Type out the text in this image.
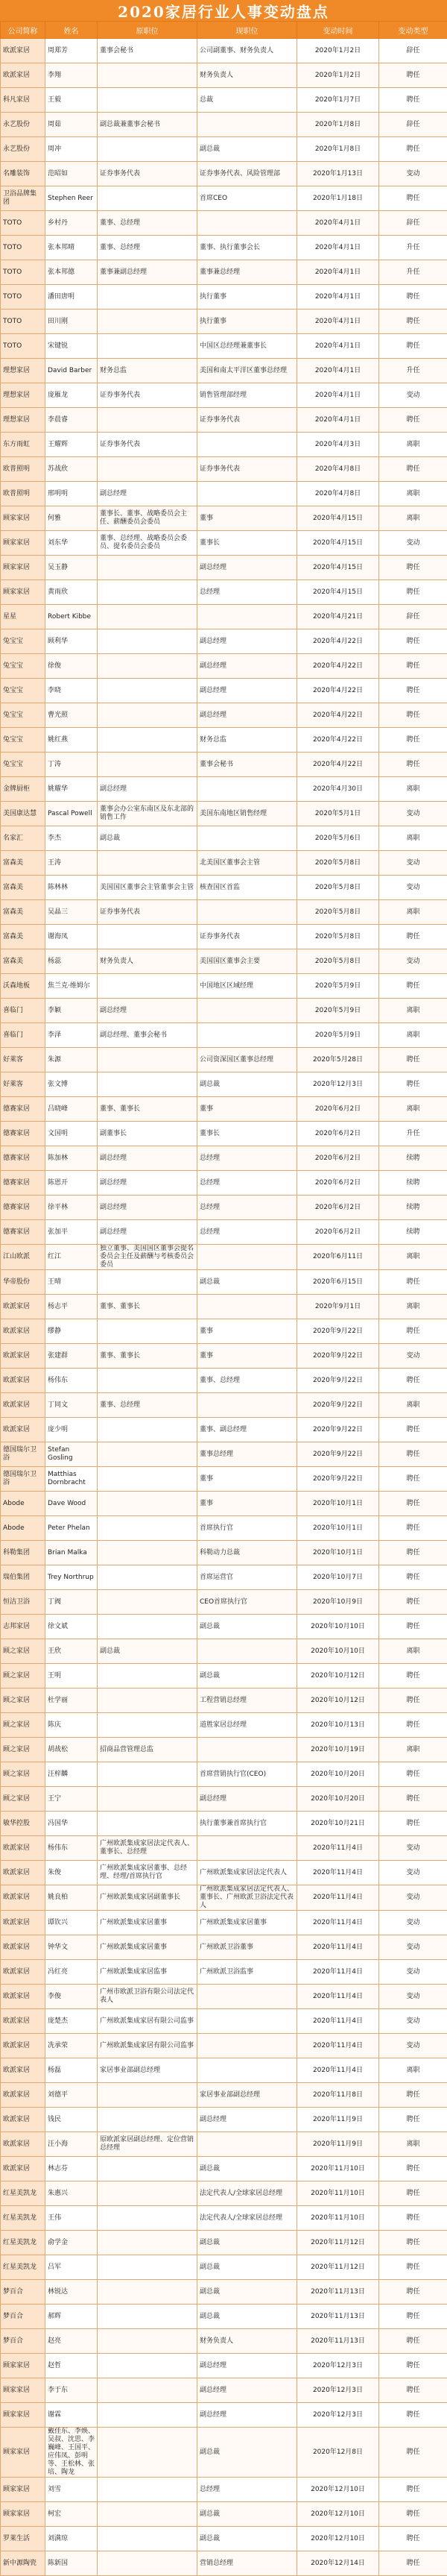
2020家居行业人事变动盘点
公司简称	姓名	原职位	现职位	变动时间	变动类型
欧派家居	周郑芳	董事会秘书	公司副董事、财务负责人	2020年1月2日	辞任
欧派家居	李翔		财务负责人	2020年1月2日	聘任
科凡家居	王毅		总裁	2020年1月7日	聘任
永艺股份	周茹	副总裁兼董事会秘书		2020年1月8日	辞任
永艺股份	周冲		副总裁	2020年1月8日	聘任
名雕装饰	范昭如	证券事务代表	证券事务代表、风险管理部	2020年1月13日	变动
卫浴品牌集团	Stephen Reer		首席CEO	2020年1月18日	聘任
TOTO	乡村丹	董事、总经理		2020年4月1日	辞任
TOTO	张本邦晴	董事、总经理	董事、执行董事会长	2020年4月1日	升任
TOTO	张本邦德	董事兼副总经理	董事兼总经理	2020年4月1日	升任
TOTO	潘田唐明		执行董事	2020年4月1日	聘任
TOTO	田川刚		执行董事	2020年4月1日	聘任
TOTO	宋键锐		中国区总经理兼董事长	2020年4月1日	聘任
理想家居	David Barber	财务总监	美国和南太平洋区董事总经理	2020年4月1日	升任
理想家居	庞雁龙	证券事务代表	销售管理部经理	2020年4月1日	变动
理想家居	李晨睿		证券事务代表	2020年4月1日	聘任
东方雨虹	王耀辉	证券事务代表		2020年4月3日	离职
欧普照明	苏战欣		证券事务代表	2020年4月8日	聘任
欧普照明	邢明明	副总经理		2020年4月8日	离职
顾家家居	何雅	董事长、董事、战略委员会主任、薪酬委员会委员	董事	2020年4月15日	离职
顾家家居	刘东华	董事、总经理、战略委员会委员、提名委员会委员	董事长	2020年4月15日	变动
顾家家居	吴玉静		副总经理	2020年4月15日	聘任
顾家家居	黄雨欣		总经理	2020年4月15日	聘任
星星	Robert Kibbe			2020年4月21日	辞任
兔宝宝	顾利华		副总经理	2020年4月22日	聘任
兔宝宝	徐俊		副总经理	2020年4月22日	聘任
兔宝宝	李晓		副总经理	2020年4月22日	聘任
兔宝宝	曹光照		副总经理	2020年4月22日	聘任
兔宝宝	姚红燕		财务总监	2020年4月22日	聘任
兔宝宝	丁涛		董事会秘书	2020年4月22日	聘任
金牌厨柜	姚耀华	副总经理		2020年4月30日	离职
美国康达慧	Pascal Powell	董事会办公室东南区及东北部的销售工作	美国东南地区销售经理	2020年5月1日	变动
名家汇	李杰	副总裁		2020年5月6日	离职
富森美	王涛		北美国区董事会主管	2020年5月8日	变动
富森美	陈林林	美国国区董事会主管董事会主管	核查国区首监	2020年5月8日	变动
富森美	吴晶三	证券事务代表		2020年5月8日	离职
富森美	谢海凤		证券事务代表	2020年5月8日	聘任
富森美	杨蕊	财务负责人	美国国区董事会主要	2020年5月8日	变动
沃森地板	焦兰克·维姆尔		中国地区区域经理	2020年5月9日	聘任
喜临门	李颖	副总经理		2020年5月9日	离职
喜临门	李泽	副总经理、董事会秘书		2020年5月9日	离职
好莱客	朱源		公司资深国区董事总经理	2020年5月28日	聘任
好莱客	张文博		副总裁	2020年12月3日	聘任
德赛家居	吕晓峰	董事、董事长	董事	2020年6月2日	离职
德赛家居	文国明	副董事长	董事长	2020年6月2日	升任
德赛家居	陈加林	副总经理	总经理	2020年6月2日	续聘
德赛家居	陈恩开	副总经理	总经理	2020年6月2日	续聘
德赛家居	徐平林	副总经理	总经理	2020年6月2日	续聘
德赛家居	张加平	副总经理	总经理	2020年6月2日	续聘
江山欧派	红江	独立董事、美国国区董事会提名委员会主任及薪酬与考核委员会委员		2020年6月11日	离职
华帝股份	王晴		副总裁	2020年6月15日	聘任
欧派家居	杨志平	董事、董事长		2020年9月1日	离职
欧派家居	缪静		董事	2020年9月22日	聘任
欧派家居	张建群	董事、董事长	董事	2020年9月22日	变动
欧派家居	杨伟东		董事、总经理	2020年9月22日	聘任
欧派家居	丁同文	董事、总经理		2020年9月22日	离职
欧派家居	庞少明		董事、副总经理	2020年9月22日	聘任
德国瑞尔卫浴	Stefan Gosling		董事总经理	2020年9月22日	聘任
德国瑞尔卫浴	Matthias Dornbracht		董事	2020年9月22日	聘任
Abode	Dave Wood		董事	2020年10月1日	聘任
Abode	Peter Phelan		首席执行官	2020年10月1日	聘任
科勒集团	Brian Malka		科勒动力总裁	2020年10月1日	聘任
瑞伯集团	Trey Northrup		首席运营官	2020年10月7日	聘任
恒洁卫浴	丁阀		CEO首席执行官	2020年10月9日	聘任
志邦家居	徐文斌		副总裁	2020年10月10日	聘任
顾之家居	王欣	副总裁		2020年10月10日	离职
顾之家居	王明		副总裁	2020年10月12日	聘任
顾之家居	杜学丽		工程营销总经理	2020年10月12日	聘任
顾之家居	陈庆		道胜家居总经理	2020年10月13日	聘任
顾之家居	胡战松	招商品营管理总监		2020年10月19日	离职
顾之家居	汪梓麟		首席营销执行官(CEO)	2020年10月20日	聘任
顾之家居	王宁		副总经理	2020年10月20日	聘任
敏华控股	冯国华		执行董事兼首席执行官	2020年10月21日	聘任
欧派家居	杨伟东	广州欧派集成家居法定代表人、董事长、总经理		2020年11月4日	变动
欧派家居	朱俊	广州欧派集成家居董事、总经理、经理/首席执行官	广州欧派集成家居法定代表人	2020年11月4日	变动
欧派家居	姚良柏	广州欧派集成家居副董事长	广州欧派集成家居法定代表人、董事长、广州欧派卫浴法定代表人	2020年11月4日	变动
欧派家居	谭钦兴	广州欧派集成家居董事	广州欧派集成家居董事	2020年11月4日	变动
欧派家居	钟华文	广州欧派集成家居董事	广州欧派卫浴董事	2020年11月4日	变动
欧派家居	冯红亮	广州欧派集成家居监事	广州欧派卫浴监事	2020年11月4日	变动
欧派家居	李俊	广州市欧派卫浴有限公司法定代表人		2020年11月4日	变动
欧派家居	庞楚杰	广州欧派集成家居有限公司监事		2020年11月4日	变动
欧派家居	冼承荣	广州欧派集成家居有限公司监事		2020年11月4日	变动
欧派家居	杨磊	家居事业部副总经理		2020年11月4日	离职
欧派家居	刘德平		家居事业部副总经理	2020年11月8日	聘任
欧派家居	钱民		副总经理	2020年11月9日	聘任
欧派家居	汪小海	原欧派家居副总经理、定位营销总经理		2020年11月9日	离职
欧派家居	林志芬		副总裁	2020年11月10日	聘任
红星美凯龙	朱惠兴		法定代表人/全球家居总经理	2020年11月10日	聘任
红星美凯龙	王伟		法定代表人/全球家居总经理	2020年11月10日	聘任
红星美凯龙	俞学金		副总裁	2020年11月12日	聘任
红星美凯龙	吕军		副总裁	2020年11月12日	聘任
梦百合	林锐达		副总裁	2020年11月13日	聘任
梦百合	郝辉		副总裁	2020年11月13日	聘任
梦百合	赵亮		财务负责人	2020年11月13日	聘任
顾家家居	赵哲		副总经理	2020年12月3日	聘任
顾家家居	李于东		副总经理	2020年12月3日	聘任
顾家家居	谢霖		副总经理	2020年12月3日	聘任
顾家家居	戴佳东、李焕、吴叔、沈思、李巍峰、王国平、应伟凤、彭明等、王松林、张培、陶龙		副总裁	2020年12月8日	聘任
顾家家居	刘雪		总经理	2020年12月10日	聘任
顾家家居	柯宏		副总裁	2020年12月10日	聘任
罗莱生活	刘满琼		副总裁	2020年12月10日	聘任
新中源陶瓷	陈新国		营销总经理	2020年12月14日	聘任
